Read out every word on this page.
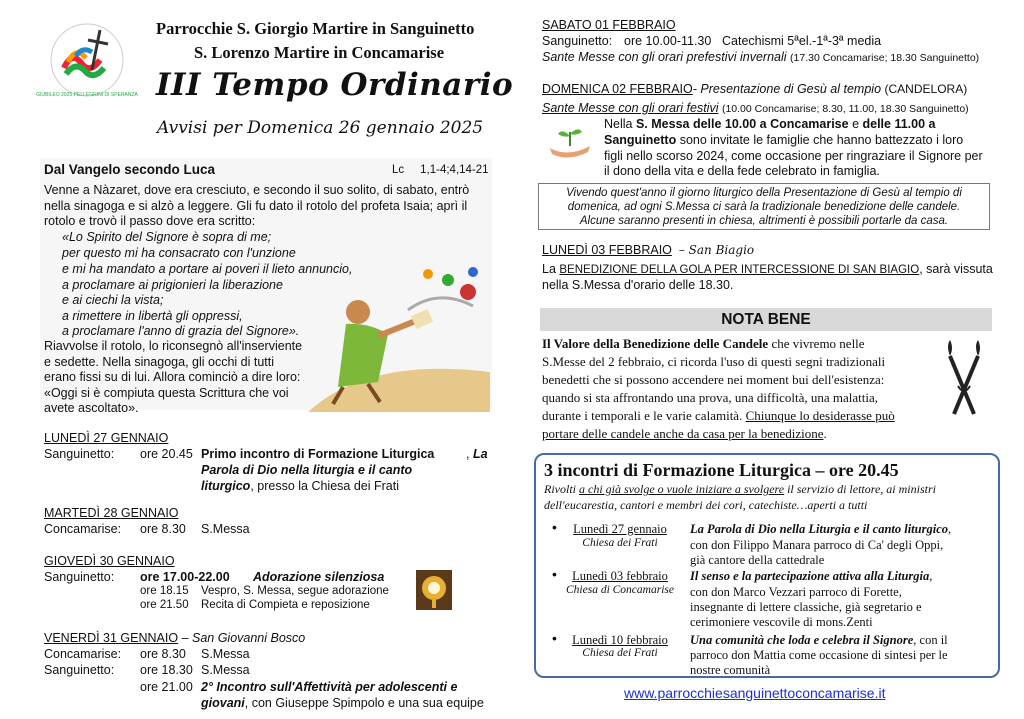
GIUBILEO 2025 PELLEGRINI DI SPERANZA
Parrocchie S. Giorgio Martire in Sanguinetto
S. Lorenzo Martire in Concamarise
III Tempo Ordinario
Avvisi per Domenica 26 gennaio 2025
Dal Vangelo secondo Luca	Lc 1,1-4;4,14-21
Venne a Nàzaret, dove era cresciuto, e secondo il suo solito, di sabato, entrò
nella sinagoga e si alzò a leggere. Gli fu dato il rotolo del profeta Isaia; aprì il
rotolo e trovò il passo dove era scritto:
«Lo Spirito del Signore è sopra di me;
per questo mi ha consacrato con l'unzione
e mi ha mandato a portare ai poveri il lieto annuncio,
a proclamare ai prigionieri la liberazione
e ai ciechi la vista;
a rimettere in libertà gli oppressi,
a proclamare l'anno di grazia del Signore».
Riavvolse il rotolo, lo riconsegnò all'inserviente
e sedette. Nella sinagoga, gli occhi di tutti
erano fissi su di lui. Allora cominciò a dire loro:
«Oggi si è compiuta questa Scrittura che voi
avete ascoltato».
LUNEDÌ 27 GENNAIO
Sanguinetto: ore 20.45 Primo incontro di Formazione Liturgica	, La
Parola di Dio nella liturgia e il canto
liturgico, presso la Chiesa dei Frati
MARTEDÌ 28 GENNAIO
Concamarise: ore 8.30 S.Messa
GIOVEDÌ 30 GENNAIO
Sanguinetto: ore 17.00-22.00 Adorazione silenziosa
ore 18.15 Vespro, S. Messa, segue adorazione
ore 21.50 Recita di Compieta e reposizione
VENERDÌ 31 GENNAIO – San Giovanni Bosco
Concamarise: ore 8.30 S.Messa
Sanguinetto: ore 18.30 S.Messa
ore 21.00 2° Incontro sull'Affettività per adolescenti e
giovani, con Giuseppe Spimpolo e una sua equipe
SABATO 01 FEBBRAIO
Sanguinetto: ore 10.00-11.30 Catechismi 5ªel.-1ª-3ª media
Sante Messe con gli orari prefestivi invernali (17.30 Concamarise; 18.30 Sanguinetto)
DOMENICA 02 FEBBRAIO- Presentazione di Gesù al tempio (CANDELORA)
Sante Messe con gli orari festivi (10.00 Concamarise; 8.30, 11.00, 18.30 Sanguinetto)
Nella S. Messa delle 10.00 a Concamarise e delle 11.00 a
Sanguinetto sono invitate le famiglie che hanno battezzato i loro
figli nello scorso 2024, come occasione per ringraziare il Signore per
il dono della vita e della fede celebrato in famiglia.
Vivendo quest'anno il giorno liturgico della Presentazione di Gesù al tempio di
domenica, ad ogni S.Messa ci sarà la tradizionale benedizione delle candele.
Alcune saranno presenti in chiesa, altrimenti è possibili portarle da casa.
LUNEDÌ 03 FEBBRAIO – San Biagio
La BENEDIZIONE DELLA GOLA PER INTERCESSIONE DI SAN BIAGIO, sarà vissuta
nella S.Messa d'orario delle 18.30.
NOTA BENE
Il Valore della Benedizione delle Candele che vivremo nelle
S.Messe del 2 febbraio, ci ricorda l'uso di questi segni tradizionali
benedetti che si possono accendere nei moment bui dell'esistenza:
quando si sta affrontando una prova, una difficoltà, una malattia,
durante i temporali e le varie calamità. Chiunque lo desiderasse può
portare delle candele anche da casa per la benedizione.
3 incontri di Formazione Liturgica – ore 20.45
Rivolti a chi già svolge o vuole iniziare a svolgere il servizio di lettore, ai ministri
dell'eucarestia, cantori e membri dei cori, catechiste…aperti a tutti
•	Lunedì 27 gennaio
Chiesa dei Frati
La Parola di Dio nella Liturgia e il canto liturgico,
con don Filippo Manara parroco di Ca' degli Oppi,
già cantore della cattedrale
•	Lunedì 03 febbraio
Chiesa di Concamarise
Il senso e la partecipazione attiva alla Liturgia,
con don Marco Vezzari parroco di Forette,
insegnante di lettere classiche, già segretario e
cerimoniere vescovile di mons.Zenti
•	Lunedì 10 febbraio
Chiesa dei Frati
Una comunità che loda e celebra il Signore, con il
parroco don Mattia come occasione di sintesi per le
nostre comunità
www.parrocchiesanguinettoconcamarise.it
